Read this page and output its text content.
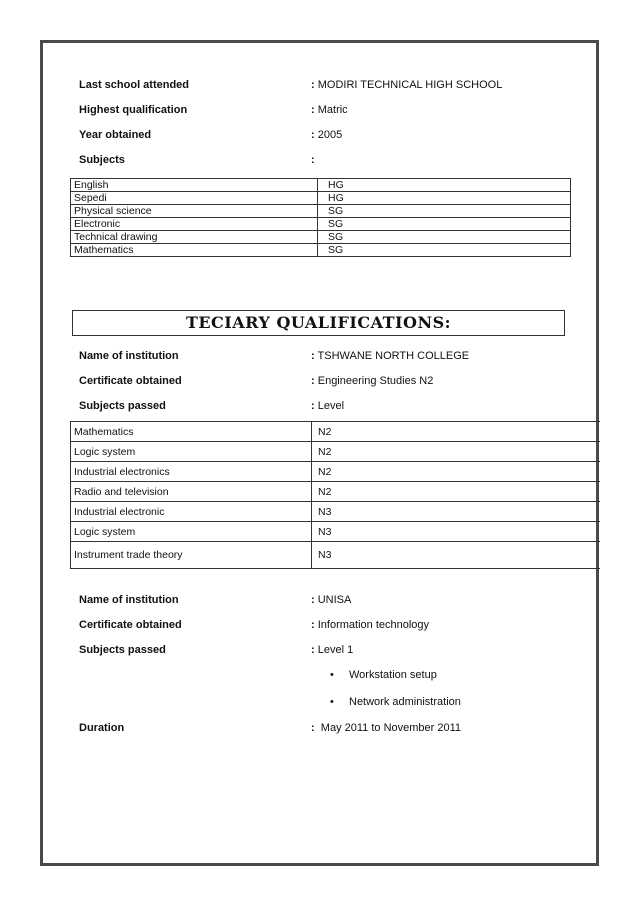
Last school attended	: MODIRI TECHNICAL HIGH SCHOOL
Highest qualification	: Matric
Year obtained	: 2005
Subjects	:
English	HG
Sepedi	HG
Physical science	SG
Electronic	SG
Technical drawing	SG
Mathematics	SG
TECIARY QUALIFICATIONS:
Name of institution	: TSHWANE NORTH COLLEGE
Certificate obtained	: Engineering Studies N2
Subjects passed	: Level
Mathematics	N2
Logic system	N2
Industrial electronics	N2
Radio and television	N2
Industrial electronic	N3
Logic system	N3
Instrument trade theory	N3
Name of institution	: UNISA
Certificate obtained	: Information technology
Subjects passed	: Level 1
• Workstation setup
• Network administration
Duration	: May 2011 to November 2011
